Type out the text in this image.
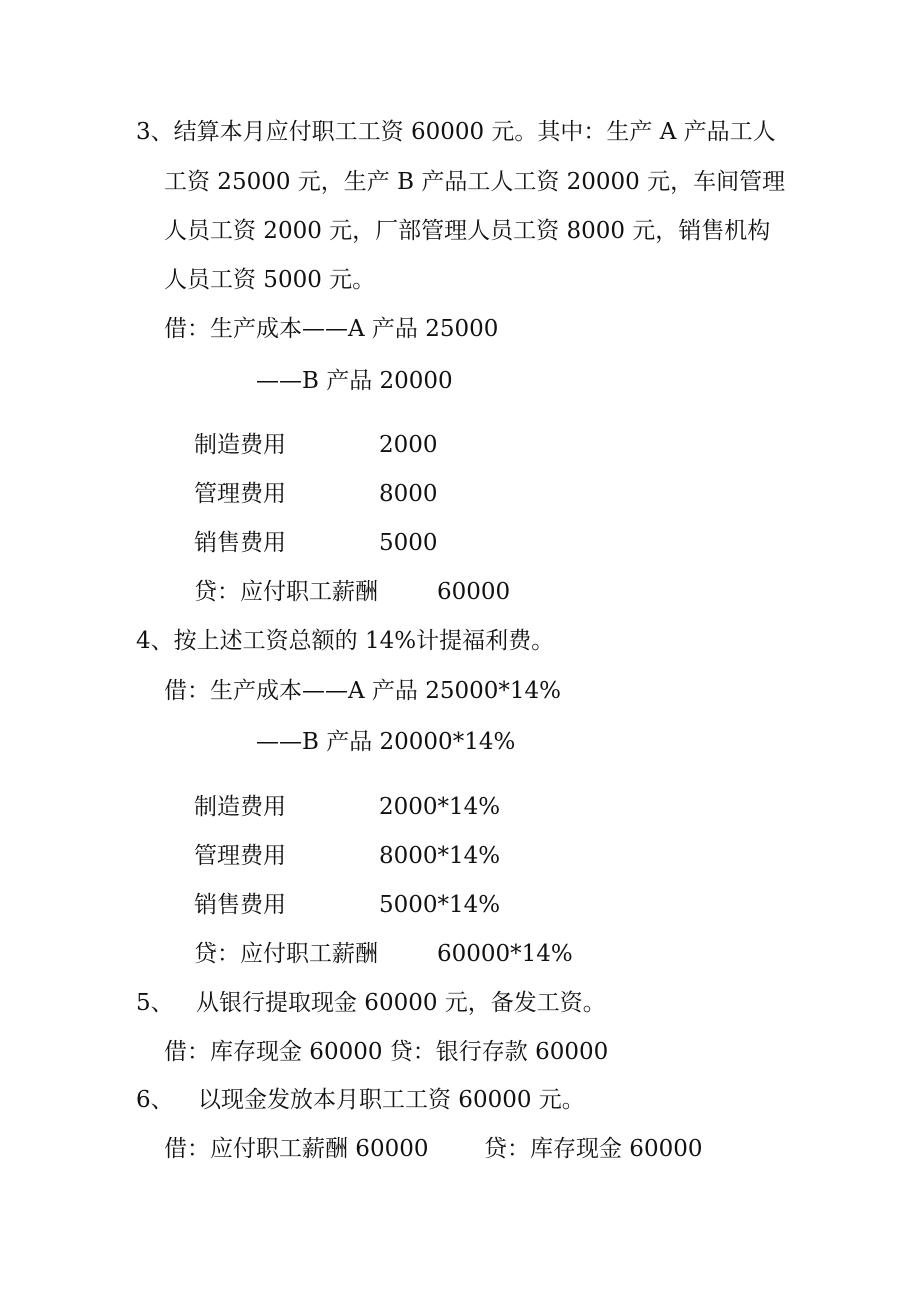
3、结算本月应付职工工资 60000 元。其中：生产 A 产品工人

工资 25000 元，生产 B 产品工人工资 20000 元，车间管理

人员工资 2000 元，厂部管理人员工资 8000 元，销售机构

人员工资 5000 元。

借：生产成本——A 产品 25000

——B 产品 20000

制造费用	2000

管理费用	8000

销售费用	5000

贷：应付职工薪酬	60000

4、按上述工资总额的 14%计提福利费。

借：生产成本——A 产品 25000*14%

——B 产品 20000*14%

制造费用	2000*14%

管理费用	8000*14%

销售费用	5000*14%

贷：应付职工薪酬	60000*14%

5、 从银行提取现金 60000 元，备发工资。

借：库存现金 60000 贷：银行存款 60000

6、 以现金发放本月职工工资 60000 元。

借：应付职工薪酬 60000 贷：库存现金 60000
